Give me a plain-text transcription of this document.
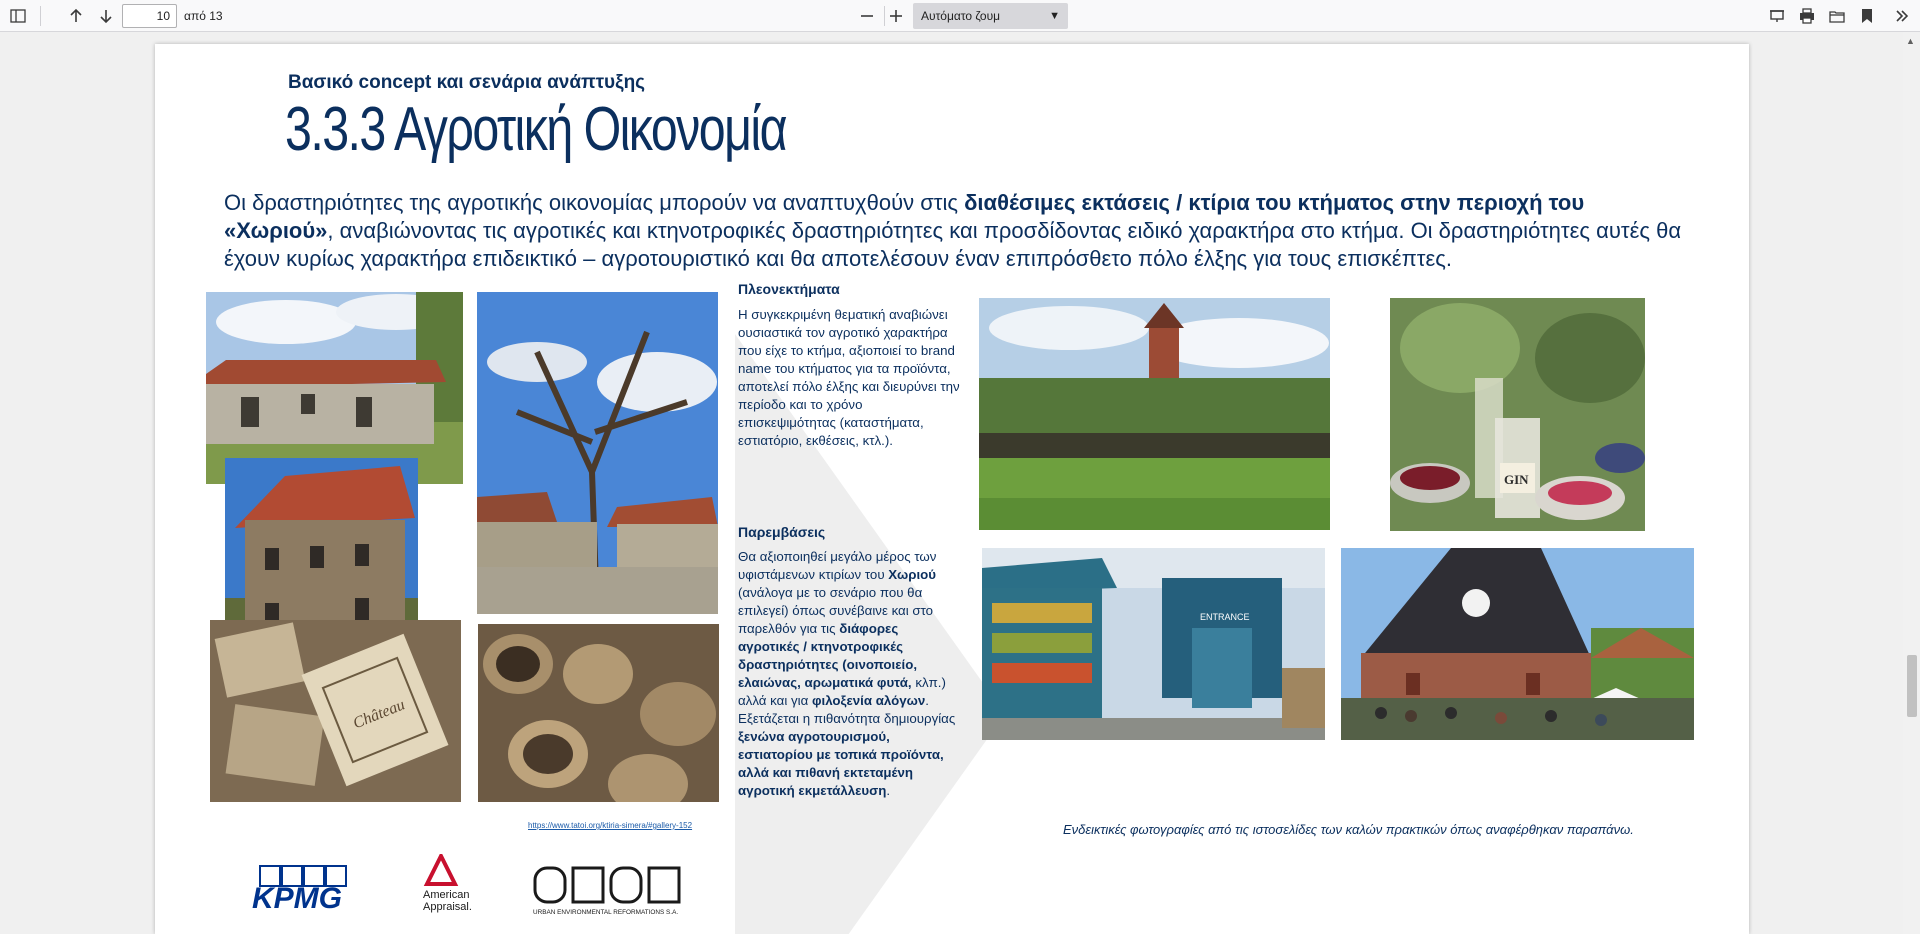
10	από 13	Αυτόματο ζουμ	▼
▲
Βασικό concept και σενάρια ανάπτυξης
3.3.3 Αγροτική Οικονομία
Οι δραστηριότητες της αγροτικής οικονομίας μπορούν να αναπτυχθούν στις διαθέσιμες εκτάσεις / κτίρια του κτήματος στην περιοχή του «Χωριού», αναβιώνοντας τις αγροτικές και κτηνοτροφικές δραστηριότητες και προσδίδοντας ειδικό χαρακτήρα στο κτήμα. Οι δραστηριότητες αυτές θα έχουν κυρίως χαρακτήρα επιδεικτικό – αγροτουριστικό και θα αποτελέσουν έναν επιπρόσθετο πόλο έλξης για τους επισκέπτες.
Château
https://www.tatoi.org/ktiria-simera/#gallery-152
Πλεονεκτήματα
Η συγκεκριμένη θεματική αναβιώνει ουσιαστικά τον αγροτικό χαρακτήρα που είχε το κτήμα, αξιοποιεί το brand name του κτήματος για τα προϊόντα, αποτελεί πόλο έλξης και διευρύνει την περίοδο και το χρόνο επισκεψιμότητας (καταστήματα, εστιατόριο, εκθέσεις, κτλ.).
Παρεμβάσεις
Θα αξιοποιηθεί μεγάλο μέρος των υφιστάμενων κτιρίων του Χωριού (ανάλογα με το σενάριο που θα επιλεγεί) όπως συνέβαινε και στο παρελθόν για τις διάφορες αγροτικές / κτηνοτροφικές δραστηριότητες (οινοποιείο, ελαιώνας, αρωματικά φυτά, κλπ.) αλλά και για φιλοξενία αλόγων. Εξετάζεται η πιθανότητα δημιουργίας ξενώνα αγροτουρισμού, εστιατορίου με τοπικά προϊόντα, αλλά και πιθανή εκτεταμένη αγροτική εκμετάλλευση.
GIN
ENTRANCE
Ενδεικτικές φωτογραφίες από τις ιστοσελίδες των καλών πρακτικών όπως αναφέρθηκαν παραπάνω.
KPMG	American
Appraisal.	URBAN ENVIRONMENTAL REFORMATIONS S.A.
